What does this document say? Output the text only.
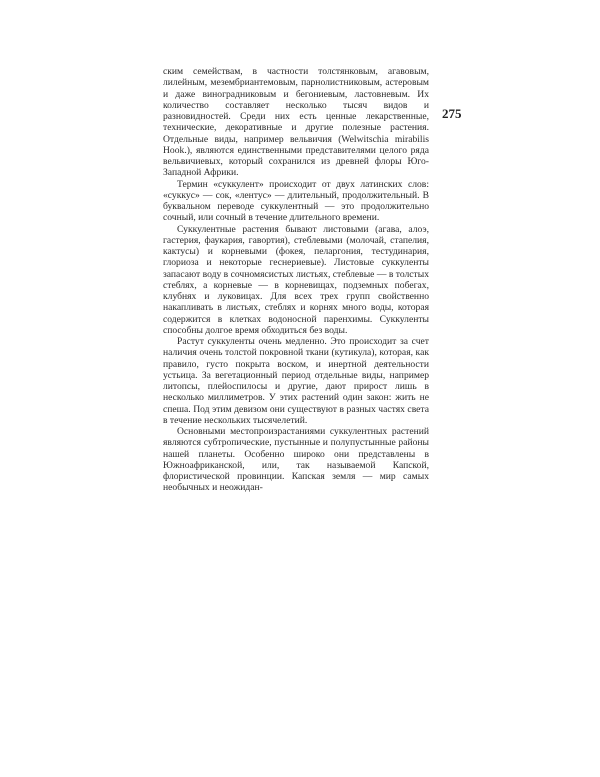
275

ским семействам, в частности толстянковым, агавовым, лилейным, мезембриантемовым, парнолистниковым, астеровым и даже виноградниковым и бегониевым, ластовневым. Их количество составляет несколько тысяч видов и разновидностей. Среди них есть ценные лекарственные, технические, декоративные и другие полезные растения. Отдельные виды, например вельвичия (Welwitschia mirabilis Hook.), являются единственными представителями целого ряда вельвичиевых, который сохранился из древней флоры Юго-Западной Африки.

Термин «суккулент» происходит от двух латинских слов: «суккус» — сок, «лентус» — длительный, продолжительный. В буквальном переводе суккулентный — это продолжительно сочный, или сочный в течение длительного времени.

Суккулентные растения бывают листовыми (агава, алоэ, гастерия, фаукария, гавортия), стеблевыми (молочай, стапелия, кактусы) и корневыми (фокея, пеларгония, тестудинария, глориоза и некоторые геснериевые). Листовые суккуленты запасают воду в сочномясистых листьях, стеблевые — в толстых стеблях, а корневые — в корневищах, подземных побегах, клубнях и луковицах. Для всех трех групп свойственно накапливать в листьях, стеблях и корнях много воды, которая содержится в клетках водоносной паренхимы. Суккуленты способны долгое время обходиться без воды.

Растут суккуленты очень медленно. Это происходит за счет наличия очень толстой покровной ткани (кутикула), которая, как правило, густо покрыта воском, и инертной деятельности устьица. За вегетационный период отдельные виды, например литопсы, плейоспилосы и другие, дают прирост лишь в несколько миллиметров. У этих растений один закон: жить не спеша. Под этим девизом они существуют в разных частях света в течение нескольких тысячелетий.

Основными местопроизрастаниями суккулентных растений являются субтропические, пустынные и полупустынные районы нашей планеты. Особенно широко они представлены в Южноафриканской, или, так называемой Капской, флористической провинции. Капская земля — мир самых необычных и неожидан-
